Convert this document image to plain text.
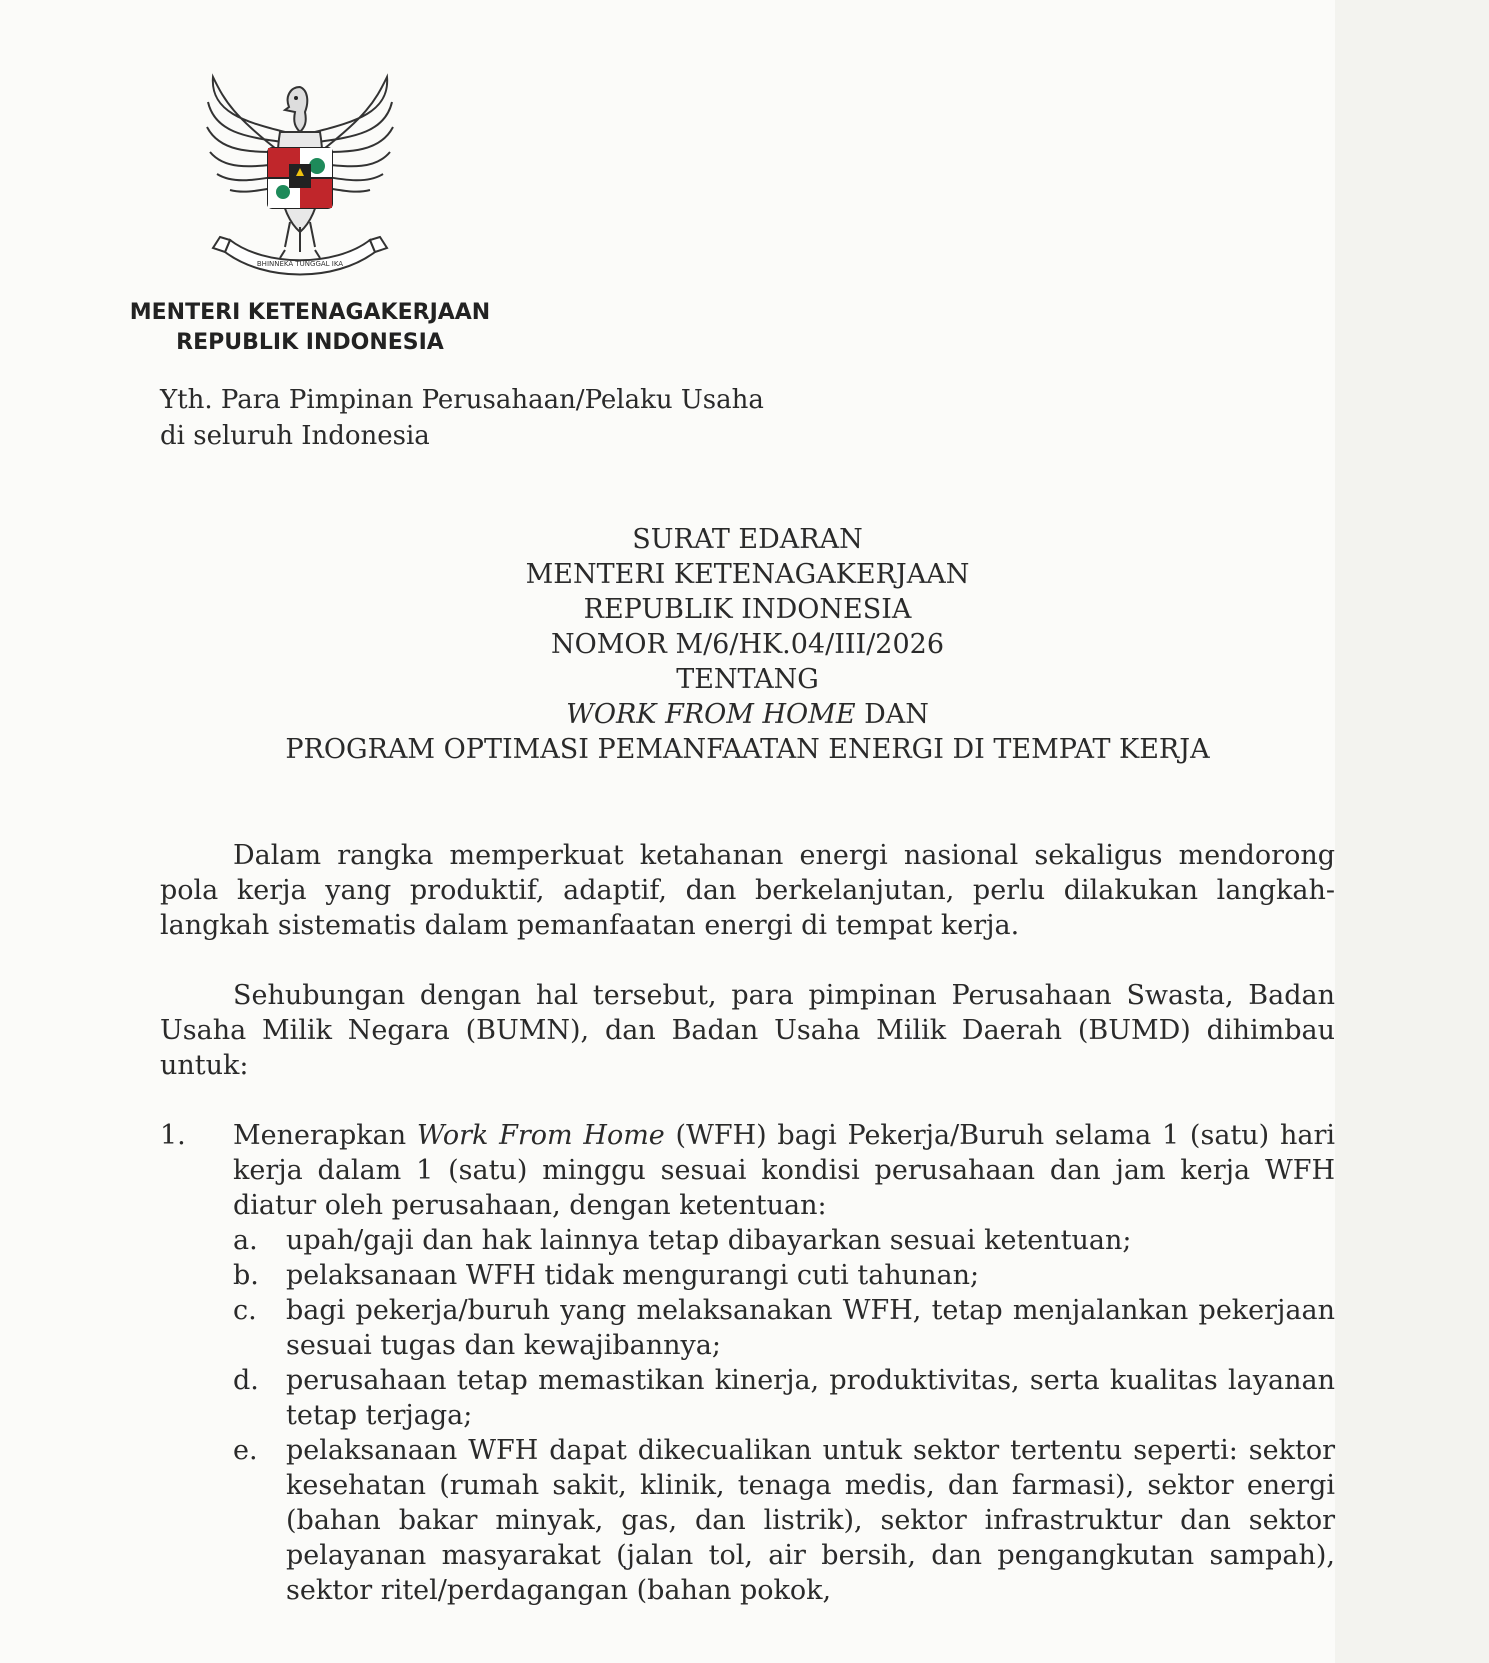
BHINNEKA TUNGGAL IKA
MENTERI KETENAGAKERJAAN
REPUBLIK INDONESIA
Yth. Para Pimpinan Perusahaan/Pelaku Usaha
di seluruh Indonesia
SURAT EDARAN
MENTERI KETENAGAKERJAAN
REPUBLIK INDONESIA
NOMOR M/6/HK.04/III/2026
TENTANG
WORK FROM HOME DAN
PROGRAM OPTIMASI PEMANFAATAN ENERGI DI TEMPAT KERJA

Dalam rangka memperkuat ketahanan energi nasional sekaligus mendorong pola kerja yang produktif, adaptif, dan berkelanjutan, perlu dilakukan langkah-langkah sistematis dalam pemanfaatan energi di tempat kerja.

Sehubungan dengan hal tersebut, para pimpinan Perusahaan Swasta, Badan Usaha Milik Negara (BUMN), dan Badan Usaha Milik Daerah (BUMD) dihimbau untuk:

1. Menerapkan Work From Home (WFH) bagi Pekerja/Buruh selama 1 (satu) hari kerja dalam 1 (satu) minggu sesuai kondisi perusahaan dan jam kerja WFH diatur oleh perusahaan, dengan ketentuan:
a. upah/gaji dan hak lainnya tetap dibayarkan sesuai ketentuan;
b. pelaksanaan WFH tidak mengurangi cuti tahunan;
c. bagi pekerja/buruh yang melaksanakan WFH, tetap menjalankan pekerjaan sesuai tugas dan kewajibannya;
d. perusahaan tetap memastikan kinerja, produktivitas, serta kualitas layanan tetap terjaga;
e. pelaksanaan WFH dapat dikecualikan untuk sektor tertentu seperti: sektor kesehatan (rumah sakit, klinik, tenaga medis, dan farmasi), sektor energi (bahan bakar minyak, gas, dan listrik), sektor infrastruktur dan sektor pelayanan masyarakat (jalan tol, air bersih, dan pengangkutan sampah), sektor ritel/perdagangan (bahan pokok,
